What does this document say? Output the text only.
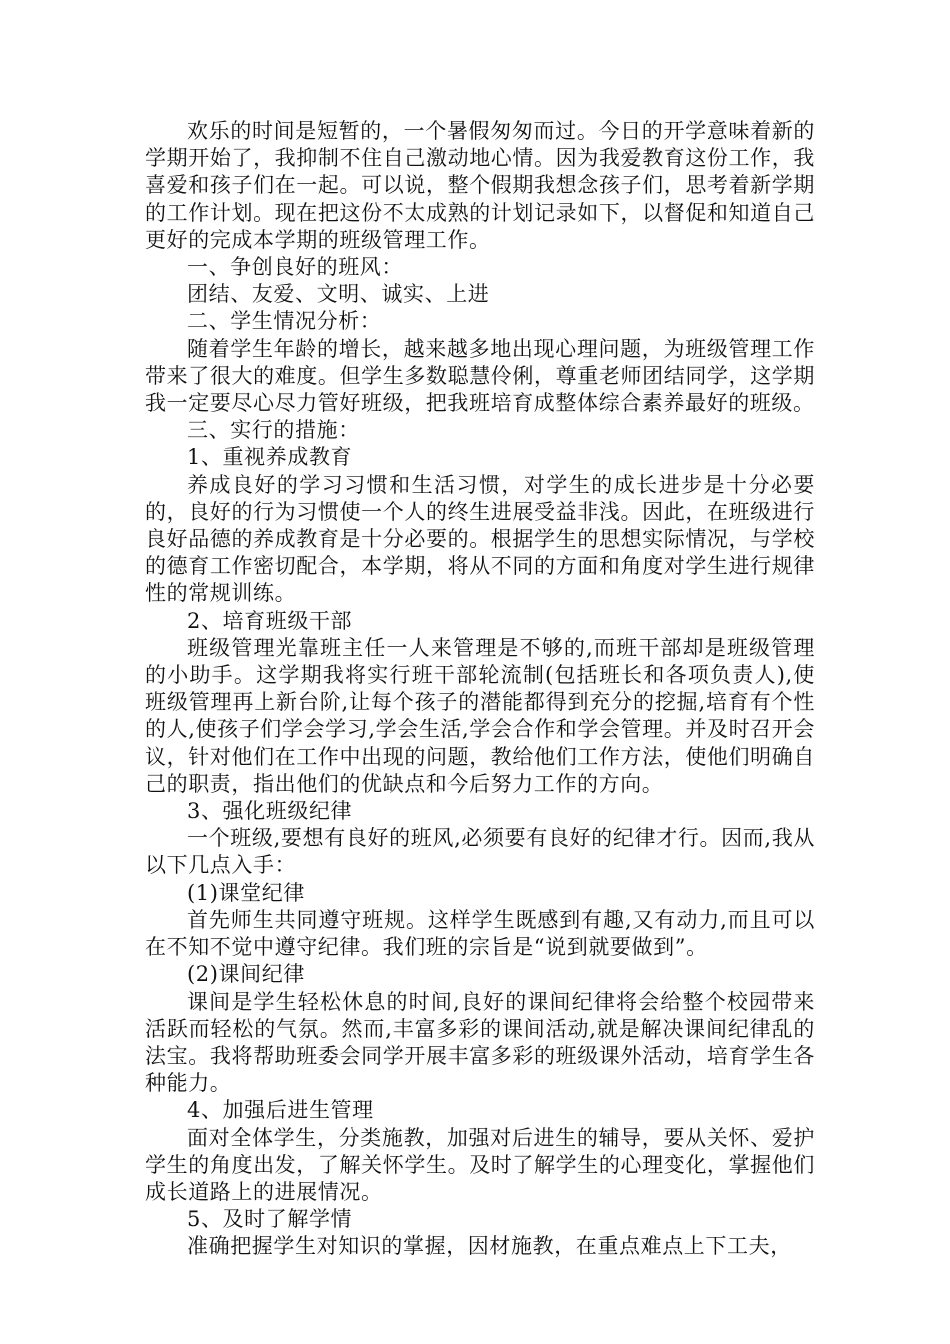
欢乐的时间是短暂的，一个暑假匆匆而过。今日的开学意味着新的学期开始了，我抑制不住自己激动地心情。因为我爱教育这份工作，我喜爱和孩子们在一起。可以说，整个假期我想念孩子们，思考着新学期的工作计划。现在把这份不太成熟的计划记录如下，以督促和知道自己更好的完成本学期的班级管理工作。

一、争创良好的班风：

团结、友爱、文明、诚实、上进

二、学生情况分析：

随着学生年龄的增长，越来越多地出现心理问题，为班级管理工作带来了很大的难度。但学生多数聪慧伶俐，尊重老师团结同学，这学期我一定要尽心尽力管好班级，把我班培育成整体综合素养最好的班级。

三、实行的措施：

1、重视养成教育

养成良好的学习习惯和生活习惯，对学生的成长进步是十分必要的，良好的行为习惯使一个人的终生进展受益非浅。因此，在班级进行良好品德的养成教育是十分必要的。根据学生的思想实际情况，与学校的德育工作密切配合，本学期，将从不同的方面和角度对学生进行规律性的常规训练。

2、培育班级干部

班级管理光靠班主任一人来管理是不够的,而班干部却是班级管理的小助手。这学期我将实行班干部轮流制(包括班长和各项负责人),使班级管理再上新台阶,让每个孩子的潜能都得到充分的挖掘,培育有个性的人,使孩子们学会学习,学会生活,学会合作和学会管理。并及时召开会议，针对他们在工作中出现的问题，教给他们工作方法，使他们明确自己的职责，指出他们的优缺点和今后努力工作的方向。

3、强化班级纪律

一个班级,要想有良好的班风,必须要有良好的纪律才行。因而,我从以下几点入手：

(1)课堂纪律

首先师生共同遵守班规。这样学生既感到有趣,又有动力,而且可以在不知不觉中遵守纪律。我们班的宗旨是“说到就要做到”。

(2)课间纪律

课间是学生轻松休息的时间,良好的课间纪律将会给整个校园带来活跃而轻松的气氛。然而,丰富多彩的课间活动,就是解决课间纪律乱的法宝。我将帮助班委会同学开展丰富多彩的班级课外活动，培育学生各种能力。

4、加强后进生管理

面对全体学生，分类施教，加强对后进生的辅导，要从关怀、爱护学生的角度出发，了解关怀学生。及时了解学生的心理变化，掌握他们成长道路上的进展情况。

5、及时了解学情

准确把握学生对知识的掌握，因材施教，在重点难点上下工夫，
